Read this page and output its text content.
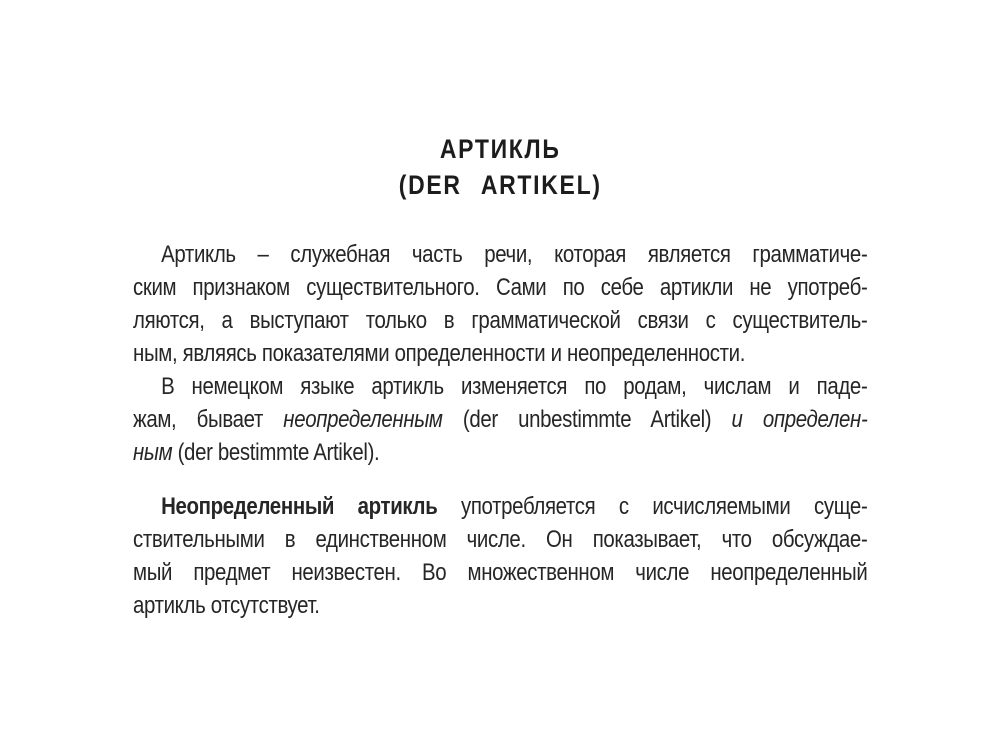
АРТИКЛЬ
(DER ARTIKEL)
Артикль – служебная часть речи, которая является грамматиче-
ским признаком существительного. Сами по себе артикли не употреб-
ляются, а выступают только в грамматической связи с существитель-
ным, являясь показателями определенности и неопределенности.
В немецком языке артикль изменяется по родам, числам и паде-
жам, бывает неопределенным (der unbestimmte Artikel) и определен-
ным (der bestimmte Artikel).
Неопределенный артикль употребляется с исчисляемыми суще-
ствительными в единственном числе. Он показывает, что обсуждае-
мый предмет неизвестен. Во множественном числе неопределенный
артикль отсутствует.
